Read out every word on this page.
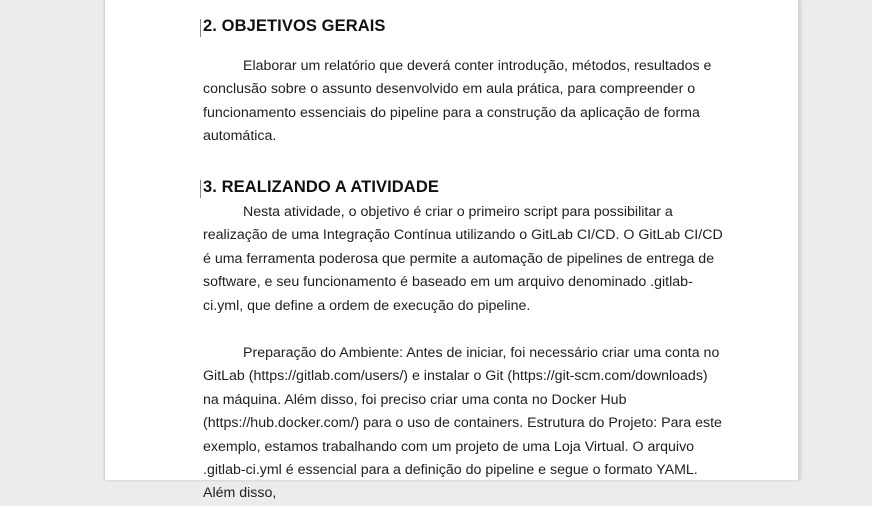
2. OBJETIVOS GERAIS

Elaborar um relatório que deverá conter introdução, métodos, resultados e conclusão sobre o assunto desenvolvido em aula prática, para compreender o funcionamento essenciais do pipeline para a construção da aplicação de forma automática.

3. REALIZANDO A ATIVIDADE

Nesta atividade, o objetivo é criar o primeiro script para possibilitar a realização de uma Integração Contínua utilizando o GitLab CI/CD. O GitLab CI/CD é uma ferramenta poderosa que permite a automação de pipelines de entrega de software, e seu funcionamento é baseado em um arquivo denominado .gitlab-ci.yml, que define a ordem de execução do pipeline.

Preparação do Ambiente: Antes de iniciar, foi necessário criar uma conta no GitLab (https://gitlab.com/users/) e instalar o Git (https://git-scm.com/downloads) na máquina. Além disso, foi preciso criar uma conta no Docker Hub (https://hub.docker.com/) para o uso de containers. Estrutura do Projeto: Para este exemplo, estamos trabalhando com um projeto de uma Loja Virtual. O arquivo .gitlab-ci.yml é essencial para a definição do pipeline e segue o formato YAML. Além disso,
